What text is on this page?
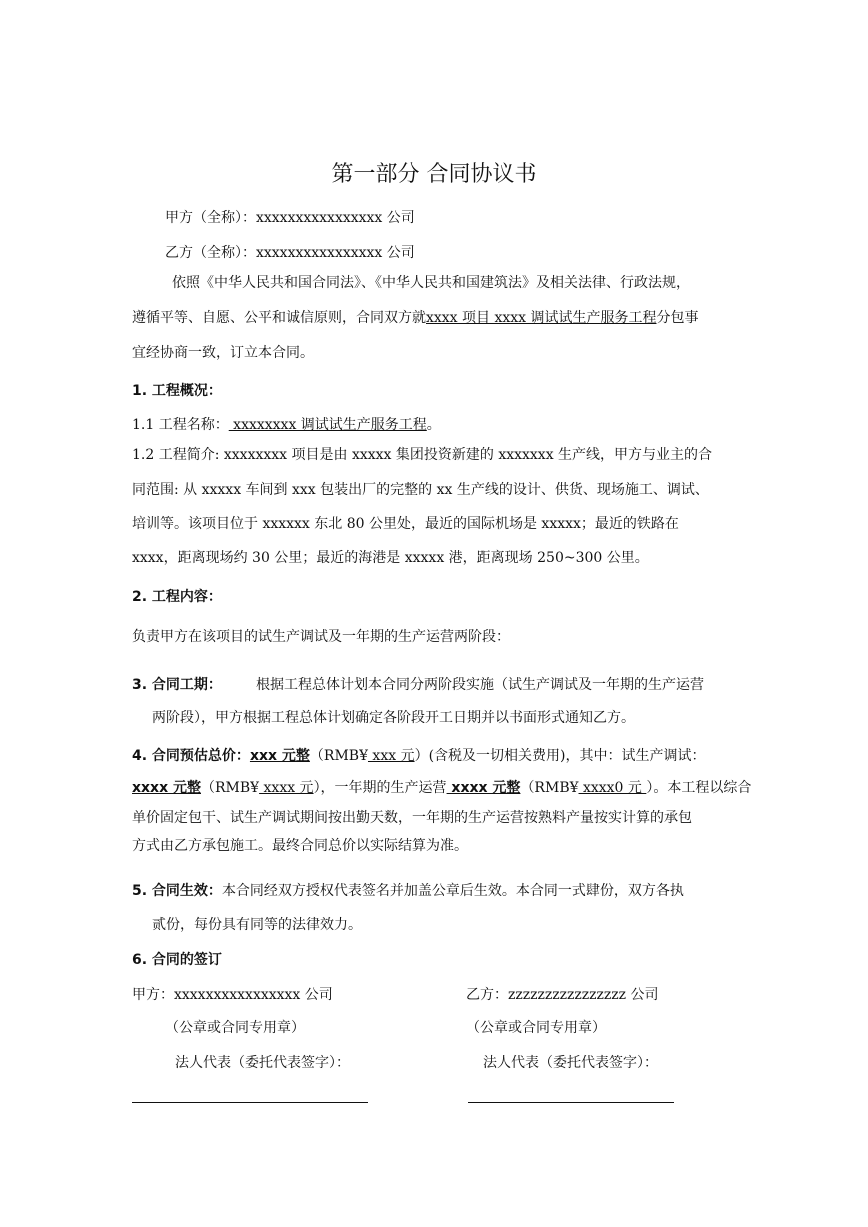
第一部分 合同协议书
甲方（全称）：xxxxxxxxxxxxxxxx 公司
乙方（全称）：xxxxxxxxxxxxxxxx 公司
依照《中华人民共和国合同法》、《中华人民共和国建筑法》及相关法律、行政法规，
遵循平等、自愿、公平和诚信原则，合同双方就xxxx 项目 xxxx 调试试生产服务工程分包事
宜经协商一致，订立本合同。
1. 工程概况：
1.1 工程名称： xxxxxxxx 调试试生产服务工程。
1.2 工程简介: xxxxxxxx 项目是由 xxxxx 集团投资新建的 xxxxxxx 生产线，甲方与业主的合
同范围: 从 xxxxx 车间到 xxx 包装出厂的完整的 xx 生产线的设计、供货、现场施工、调试、
培训等。该项目位于 xxxxxx 东北 80 公里处，最近的国际机场是 xxxxx；最近的铁路在
xxxx，距离现场约 30 公里；最近的海港是 xxxxx 港，距离现场 250~300 公里。
2. 工程内容：
负责甲方在该项目的试生产调试及一年期的生产运营两阶段：
3. 合同工期： 根据工程总体计划本合同分两阶段实施（试生产调试及一年期的生产运营
两阶段），甲方根据工程总体计划确定各阶段开工日期并以书面形式通知乙方。
4. 合同预估总价：xxx 元整（RMB¥ xxx 元）(含税及一切相关费用)，其中：试生产调试：
xxxx 元整（RMB¥ xxxx 元），一年期的生产运营 xxxx 元整（RMB¥ xxxx0 元 ）。本工程以综合
单价固定包干、试生产调试期间按出勤天数，一年期的生产运营按熟料产量按实计算的承包
方式由乙方承包施工。最终合同总价以实际结算为准。
5. 合同生效：本合同经双方授权代表签名并加盖公章后生效。本合同一式肆份，双方各执
贰份，每份具有同等的法律效力。
6. 合同的签订
甲方：xxxxxxxxxxxxxxxx 公司	乙方：zzzzzzzzzzzzzzzz 公司
（公章或合同专用章）	（公章或合同专用章）
法人代表（委托代表签字）：	法人代表（委托代表签字）：
